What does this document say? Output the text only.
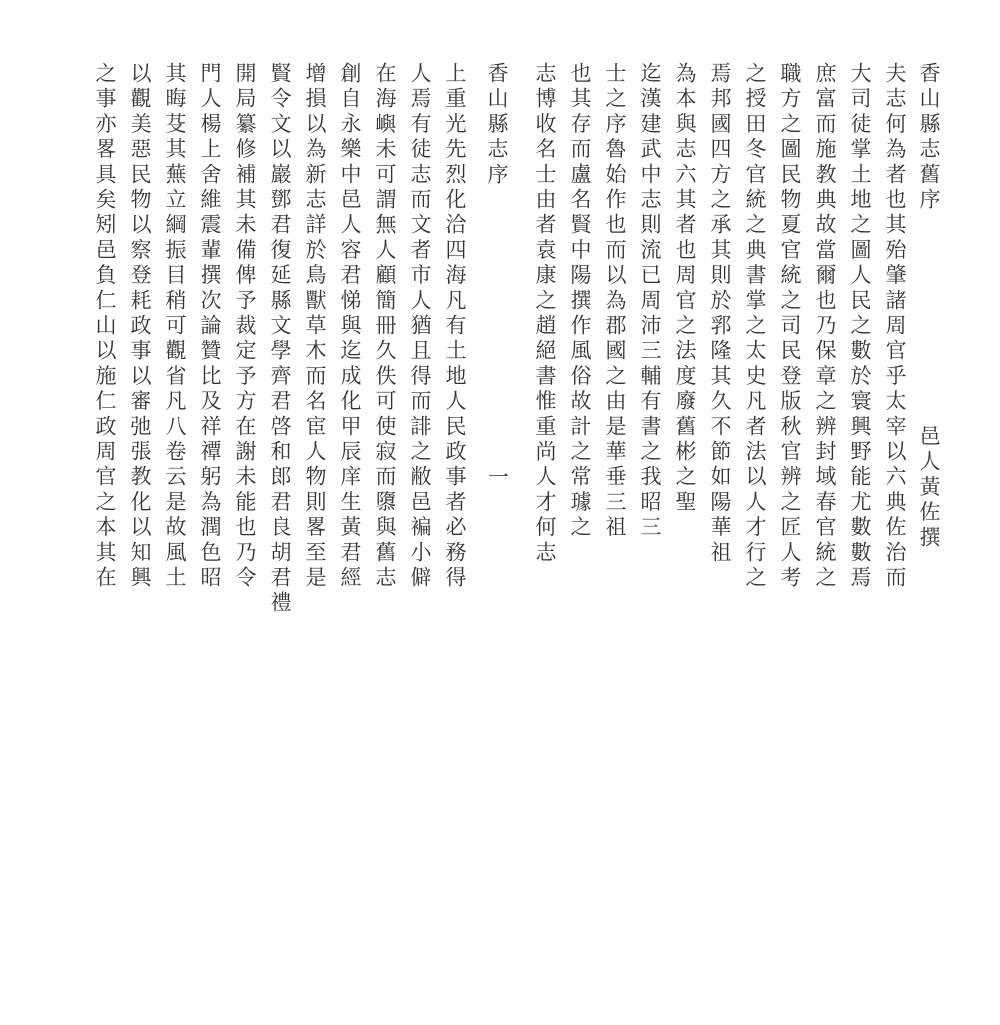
香山縣志舊序
邑人黃佐撰
夫志何為者也其殆肇諸周官乎太宰以六典佐治而
大司徒掌土地之圖人民之數於寰興野能尤數數焉
庶富而施教典故當爾也乃保章之辨封域春官統之
職方之圖民物夏官統之司民登版秋官辨之匠人考
之授田冬官統之典書掌之太史凡者法以人才行之
焉邦國四方之承其則於郛隆其久不節如陽華祖
為本與志六其者也周官之法度廢舊彬之聖
迄漢建武中志則流已周沛三輔有書之我昭三
士之序魯始作也而以為郡國之由是華垂三祖
也其存而盧名賢中陽撰作風俗故計之常璩之
志博收名士由者袁康之趙絕書惟重尚人才何志
香山縣志序
一
上重光先烈化洽四海凡有土地人民政事者必務得
人焉有徒志而文者市人猶且得而誹之敝邑褊小僻
在海嶼未可謂無人顧簡冊久佚可使寂而隳與舊志
創自永樂中邑人容君悌與迄成化甲辰庠生黃君經
增損以為新志詳於鳥獸草木而名宦人物則畧至是
賢令文以巖鄧君復延縣文學齊君啓和郎君良胡君禮
開局纂修補其未備俾予裁定予方在謝未能也乃令
門人楊上舍維震輩撰次論贊比及祥禫躬為潤色昭
其晦芟其蕪立綱振目稍可觀省凡八卷云是故風土
以觀美惡民物以察登耗政事以審弛張教化以知興
之事亦畧具矣矧邑負仁山以施仁政周官之本其在
